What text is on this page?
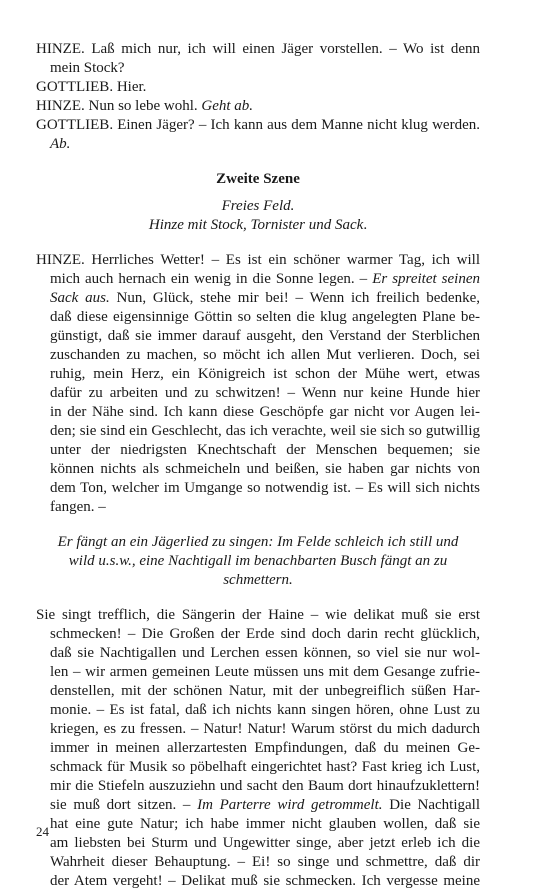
HINZE. Laß mich nur, ich will einen Jäger vorstellen. – Wo ist denn
mein Stock?
GOTTLIEB. Hier.
HINZE. Nun so lebe wohl. Geht ab.
GOTTLIEB. Einen Jäger? – Ich kann aus dem Manne nicht klug werden.
Ab.
Zweite Szene
Freies Feld.
Hinze mit Stock, Tornister und Sack.
HINZE. Herrliches Wetter! – Es ist ein schöner warmer Tag, ich will
mich auch hernach ein wenig in die Sonne legen. – Er spreitet seinen
Sack aus. Nun, Glück, stehe mir bei! – Wenn ich freilich bedenke,
daß diese eigensinnige Göttin so selten die klug angelegten Plane be-
günstigt, daß sie immer darauf ausgeht, den Verstand der Sterblichen
zuschanden zu machen, so möcht ich allen Mut verlieren. Doch, sei
ruhig, mein Herz, ein Königreich ist schon der Mühe wert, etwas
dafür zu arbeiten und zu schwitzen! – Wenn nur keine Hunde hier
in der Nähe sind. Ich kann diese Geschöpfe gar nicht vor Augen lei-
den; sie sind ein Geschlecht, das ich verachte, weil sie sich so gutwillig
unter der niedrigsten Knechtschaft der Menschen bequemen; sie
können nichts als schmeicheln und beißen, sie haben gar nichts von
dem Ton, welcher im Umgange so notwendig ist. – Es will sich nichts
fangen. –
Er fängt an ein Jägerlied zu singen: Im Felde schleich ich still und
wild u.s.w., eine Nachtigall im benachbarten Busch fängt an zu
schmettern.
Sie singt trefflich, die Sängerin der Haine – wie delikat muß sie erst
schmecken! – Die Großen der Erde sind doch darin recht glücklich,
daß sie Nachtigallen und Lerchen essen können, so viel sie nur wol-
len – wir armen gemeinen Leute müssen uns mit dem Gesange zufrie-
denstellen, mit der schönen Natur, mit der unbegreiflich süßen Har-
monie. – Es ist fatal, daß ich nichts kann singen hören, ohne Lust zu
kriegen, es zu fressen. – Natur! Natur! Warum störst du mich dadurch
immer in meinen allerzartesten Empfindungen, daß du meinen Ge-
schmack für Musik so pöbelhaft eingerichtet hast? Fast krieg ich Lust,
mir die Stiefeln auszuziehn und sacht den Baum dort hinaufzuklettern!
sie muß dort sitzen. – Im Parterre wird getrommelt. Die Nachtigall
hat eine gute Natur; ich habe immer nicht glauben wollen, daß sie
am liebsten bei Sturm und Ungewitter singe, aber jetzt erleb ich die
Wahrheit dieser Behauptung. – Ei! so singe und schmettre, daß dir
der Atem vergeht! – Delikat muß sie schmecken. Ich vergesse meine
24
